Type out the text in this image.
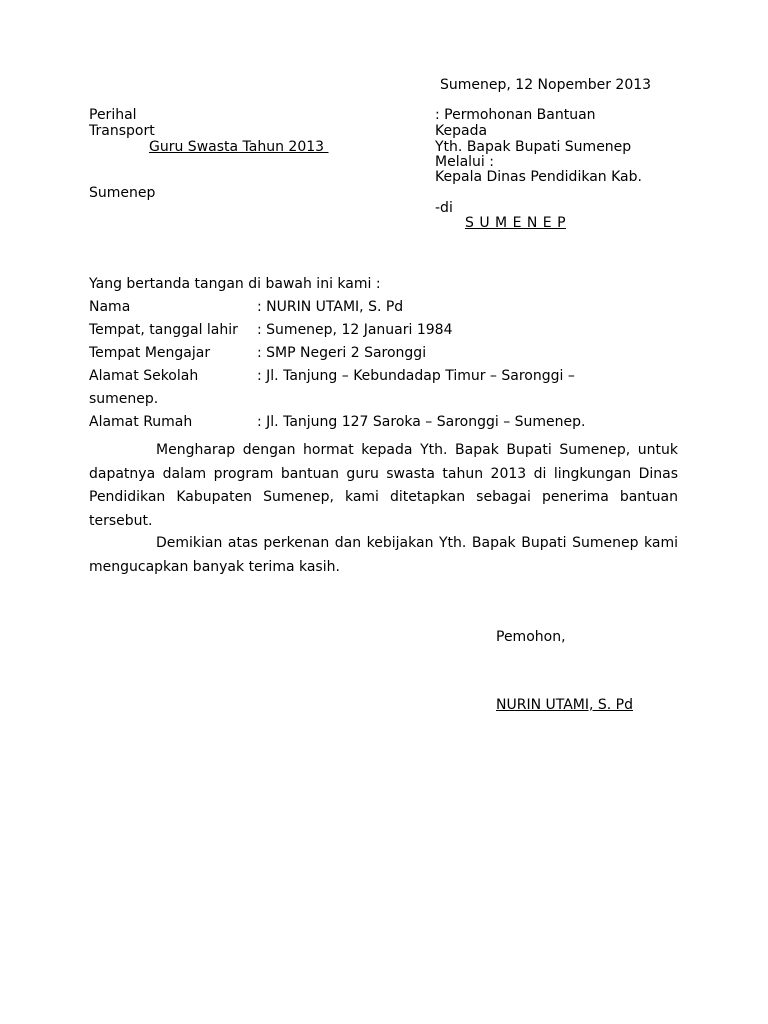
Sumenep, 12 Nopember 2013
Perihal
Transport
Guru Swasta Tahun 2013
Sumenep
: Permohonan Bantuan
Kepada
Yth. Bapak Bupati Sumenep
Melalui :
Kepala Dinas Pendidikan Kab.
-di
S U M E N E P
Yang bertanda tangan di bawah ini kami :
Nama	: NURIN UTAMI, S. Pd
Tempat, tanggal lahir : Sumenep, 12 Januari 1984
Tempat Mengajar	: SMP Negeri 2 Saronggi
Alamat Sekolah	: Jl. Tanjung – Kebundadap Timur – Saronggi –
sumenep.
Alamat Rumah	: Jl. Tanjung 127 Saroka – Saronggi – Sumenep.
Mengharap dengan hormat kepada Yth. Bapak Bupati Sumenep, untuk dapatnya dalam program bantuan guru swasta tahun 2013 di lingkungan Dinas Pendidikan Kabupaten Sumenep, kami ditetapkan sebagai penerima bantuan tersebut.
Demikian atas perkenan dan kebijakan Yth. Bapak Bupati Sumenep kami mengucapkan banyak terima kasih.
Pemohon,
NURIN UTAMI, S. Pd
